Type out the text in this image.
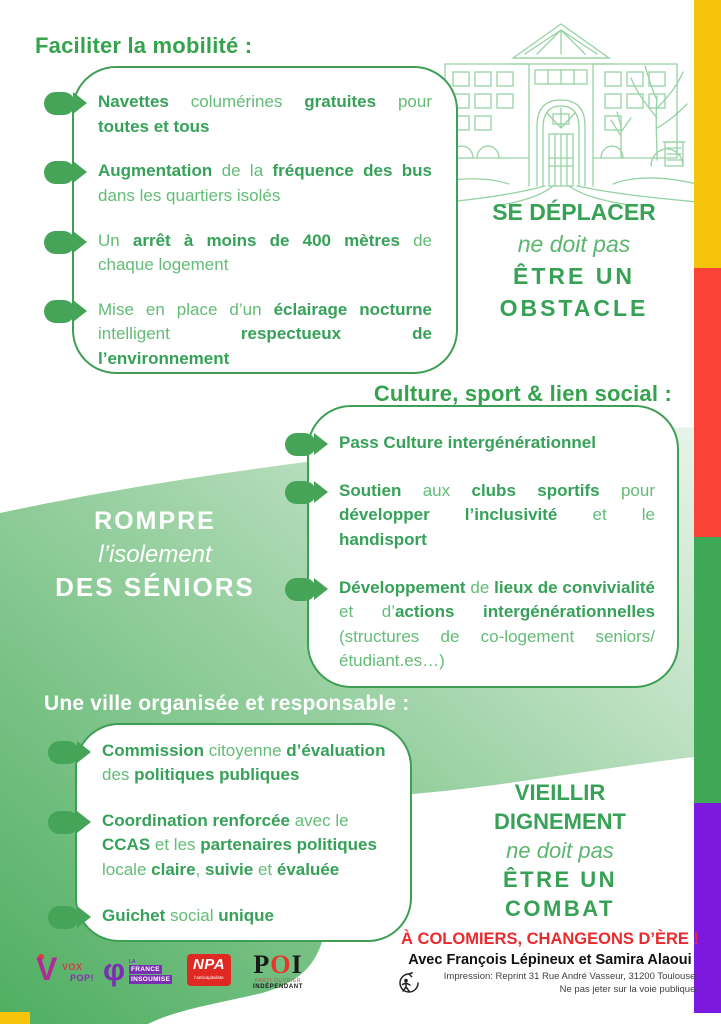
Faciliter la mobilité :
Navettes columérines gratuites pour toutes et tous
Augmentation de la fréquence des bus dans les quartiers isolés
Un arrêt à moins de 400 mètres de chaque logement
Mise en place d’un éclairage nocturne intelligent respectueux de l’environnement
SE DÉPLACER
ne doit pas
ÊTRE UN
OBSTACLE
Culture, sport & lien social :
Pass Culture intergénérationnel
Soutien aux clubs sportifs pour développer l’inclusivité et le handisport
Développement de lieux de convivialité et d’actions intergénérationnelles (structures de co-logement seniors/étudiant.es…)
ROMPRE
l’isolement
DES SÉNIORS
Une ville organisée et responsable :
Commission citoyenne d’évaluation des politiques publiques
Coordination renforcée avec le CCAS et les partenaires politiques locale claire, suivie et évaluée
Guichet social unique
VIEILLIR
DIGNEMENT
ne doit pas
ÊTRE UN
COMBAT
À COLOMIERS, CHANGEONS D’ÈRE !
Avec François Lépineux et Samira Alaoui
Impression: Reprint 31 Rue André Vasseur, 31200 Toulouse.
Ne pas jeter sur la voie publique.
V VOX
POP! φ LA
FRANCE
INSOUMISE
NPA
l’anticapitaliste POI
PARTI OUVRIER
INDÉPENDANT
